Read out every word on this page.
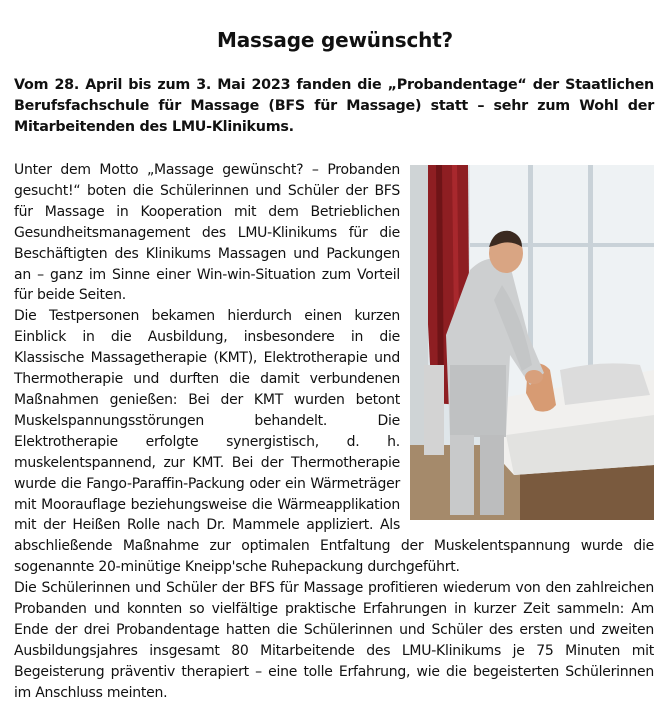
Massage gewünscht?

Vom 28. April bis zum 3. Mai 2023 fanden die „Probandentage“ der Staatlichen Berufsfachschule für Massage (BFS für Massage) statt – sehr zum Wohl der Mitarbeitenden des LMU-Klinikums.

Unter dem Motto „Massage gewünscht? – Probanden gesucht!“ boten die Schülerinnen und Schüler der BFS für Massage in Kooperation mit dem Betrieblichen Gesundheitsmanagement des LMU-Klinikums für die Beschäftigten des Klinikums Massagen und Packungen an – ganz im Sinne einer Win-win-Situation zum Vorteil für beide Seiten.

Die Testpersonen bekamen hierdurch einen kurzen Einblick in die Ausbildung, insbesondere in die Klassische Massagetherapie (KMT), Elektrotherapie und Thermotherapie und durften die damit verbundenen Maßnahmen genießen: Bei der KMT wurden betont Muskelspannungsstörungen behandelt. Die Elektrotherapie erfolgte synergistisch, d. h. muskelentspannend, zur KMT. Bei der Thermotherapie wurde die Fango-Paraffin-Packung oder ein Wärmeträger mit Moorauflage beziehungsweise die Wärmeapplikation mit der Heißen Rolle nach Dr. Mammele appliziert. Als abschließende Maßnahme zur optimalen Entfaltung der Muskelentspannung wurde die sogenannte 20-minütige Kneipp'sche Ruhepackung durchgeführt.

Die Schülerinnen und Schüler der BFS für Massage profitieren wiederum von den zahlreichen Probanden und konnten so vielfältige praktische Erfahrungen in kurzer Zeit sammeln: Am Ende der drei Probandentage hatten die Schülerinnen und Schüler des ersten und zweiten Ausbildungsjahres insgesamt 80 Mitarbeitende des LMU-Klinikums je 75 Minuten mit Begeisterung präventiv therapiert – eine tolle Erfahrung, wie die begeisterten Schülerinnen im Anschluss meinten.
